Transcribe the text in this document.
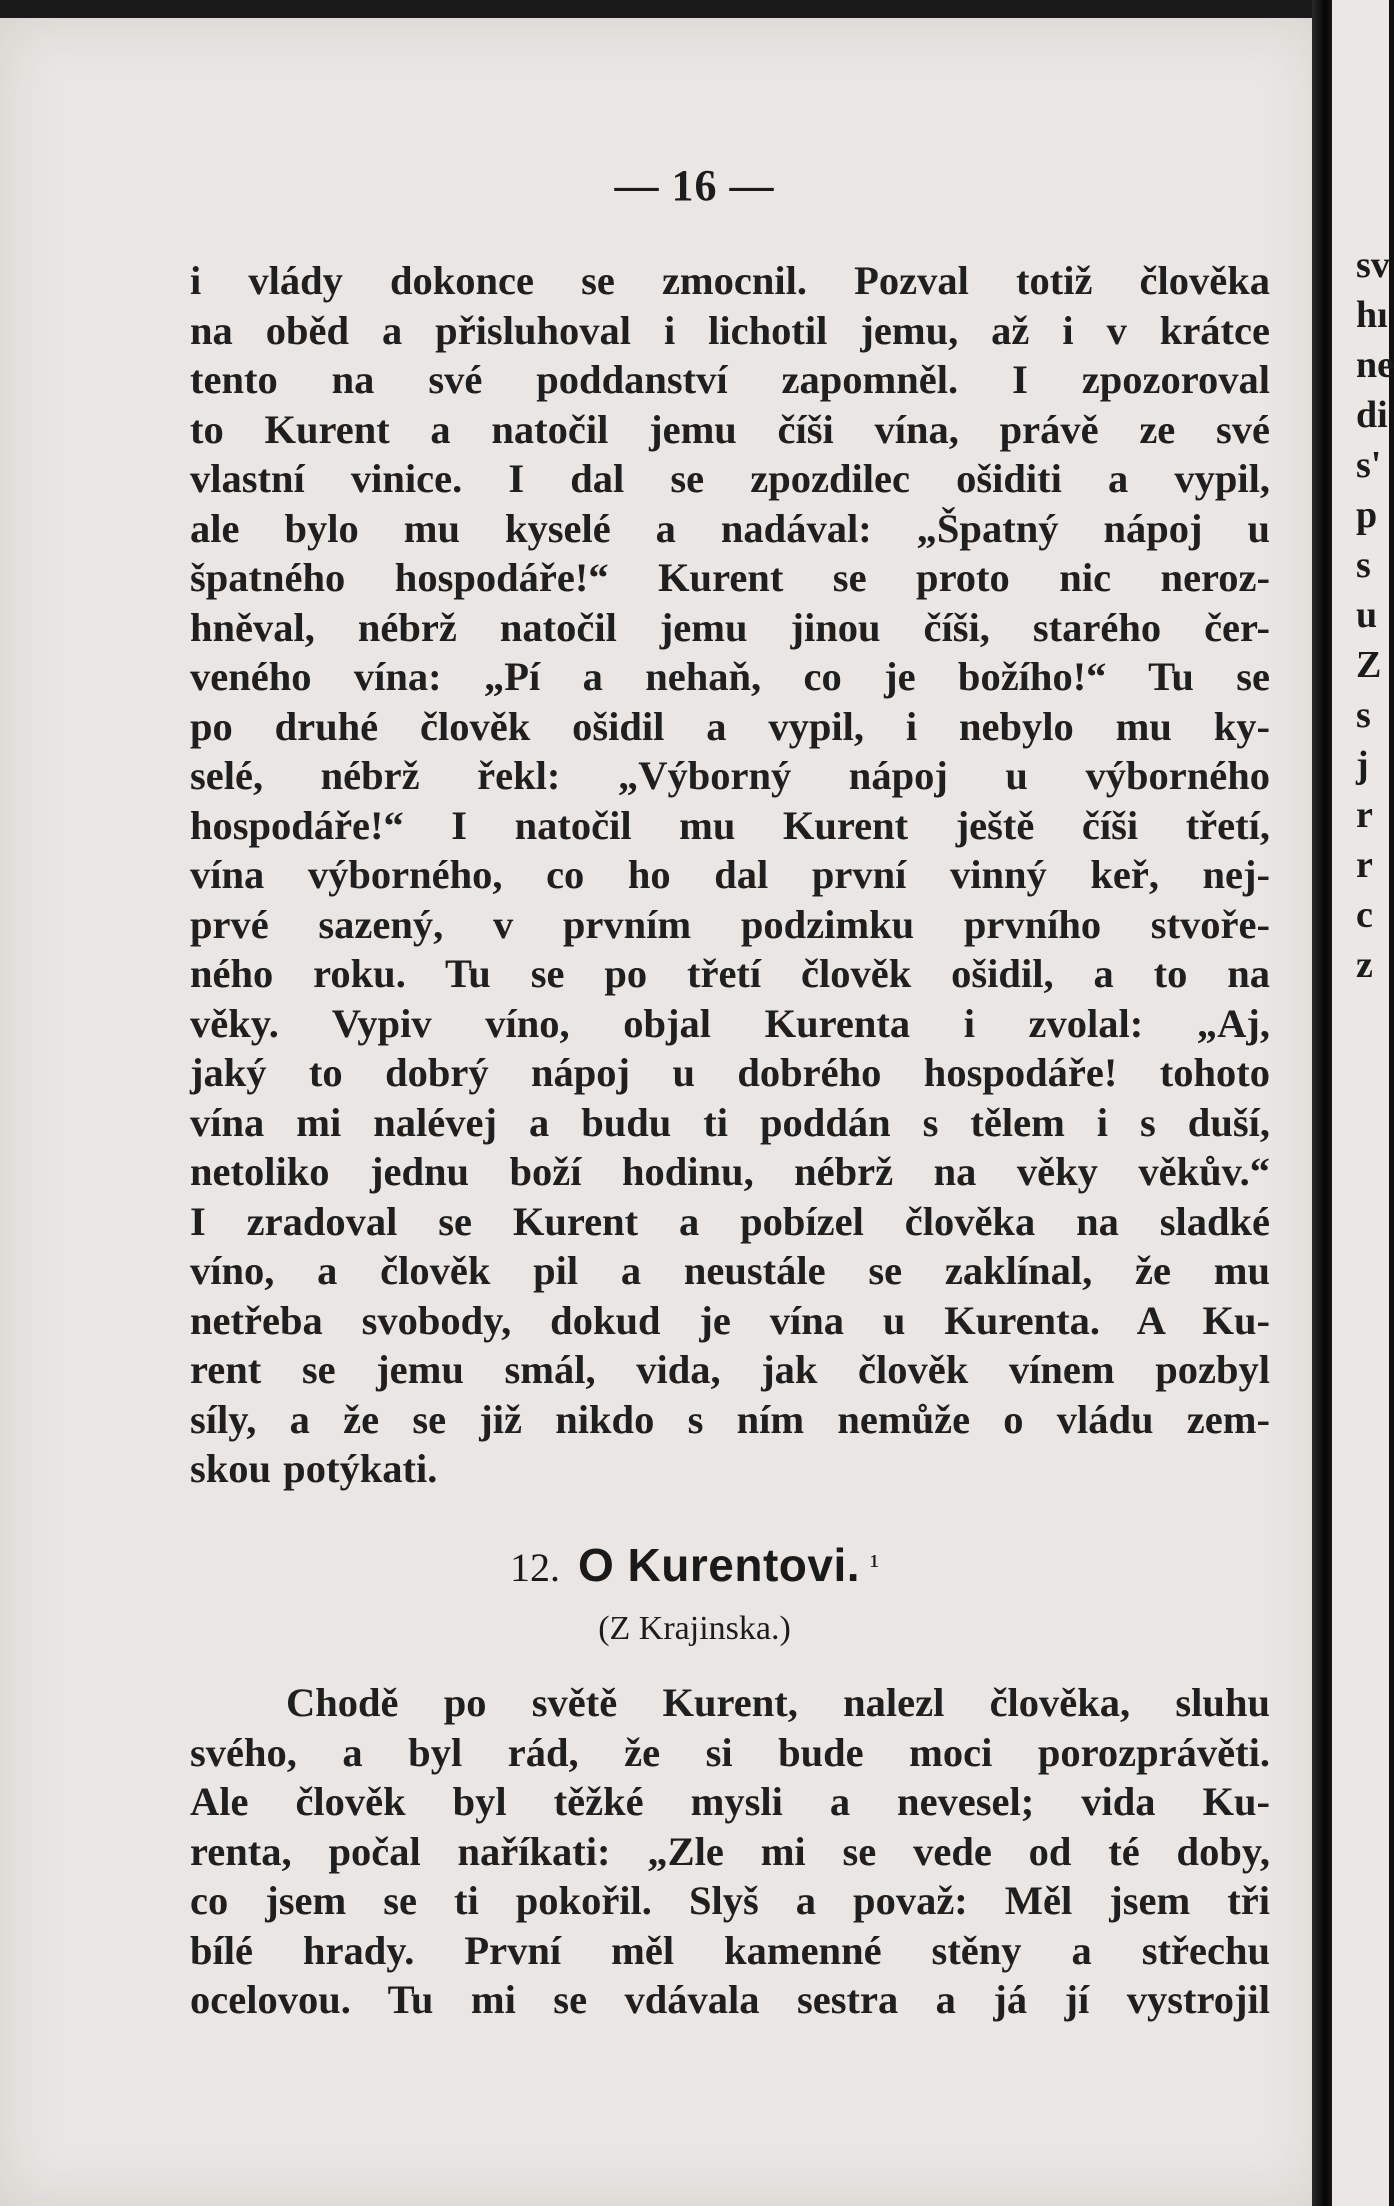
— 16 —
i vlády dokonce se zmocnil. Pozval totiž člověka
na oběd a přisluhoval i lichotil jemu, až i v krátce
tento na své poddanství zapomněl. I zpozoroval
to Kurent a natočil jemu číši vína, právě ze své
vlastní vinice. I dal se zpozdilec ošiditi a vypil,
ale bylo mu kyselé a nadával: „Špatný nápoj u
špatného hospodáře!“ Kurent se proto nic neroz-
hněval, nébrž natočil jemu jinou číši, starého čer-
veného vína: „Pí a nehaň, co je božího!“ Tu se
po druhé člověk ošidil a vypil, i nebylo mu ky-
selé, nébrž řekl: „Výborný nápoj u výborného
hospodáře!“ I natočil mu Kurent ještě číši třetí,
vína výborného, co ho dal první vinný keř, nej-
prvé sazený, v prvním podzimku prvního stvoře-
ného roku. Tu se po třetí člověk ošidil, a to na
věky. Vypiv víno, objal Kurenta i zvolal: „Aj,
jaký to dobrý nápoj u dobrého hospodáře! tohoto
vína mi nalévej a budu ti poddán s tělem i s duší,
netoliko jednu boží hodinu, nébrž na věky věkův.“
I zradoval se Kurent a pobízel člověka na sladké
víno, a člověk pil a neustále se zaklínal, že mu
netřeba svobody, dokud je vína u Kurenta. A Ku-
rent se jemu smál, vida, jak člověk vínem pozbyl
síly, a že se již nikdo s ním nemůže o vládu zem-
skou potýkati.
12. O Kurentovi. ¹
(Z Krajinska.)
Chodě po světě Kurent, nalezl člověka, sluhu
svého, a byl rád, že si bude moci porozprávěti.
Ale člověk byl těžké mysli a nevesel; vida Ku-
renta, počal naříkati: „Zle mi se vede od té doby,
co jsem se ti pokořil. Slyš a považ: Měl jsem tři
bílé hrady. První měl kamenné stěny a střechu
ocelovou. Tu mi se vdávala sestra a já jí vystrojil
sv
hı
ne
di
s'
p
s
u
Z
s
j
r
r
c
z
